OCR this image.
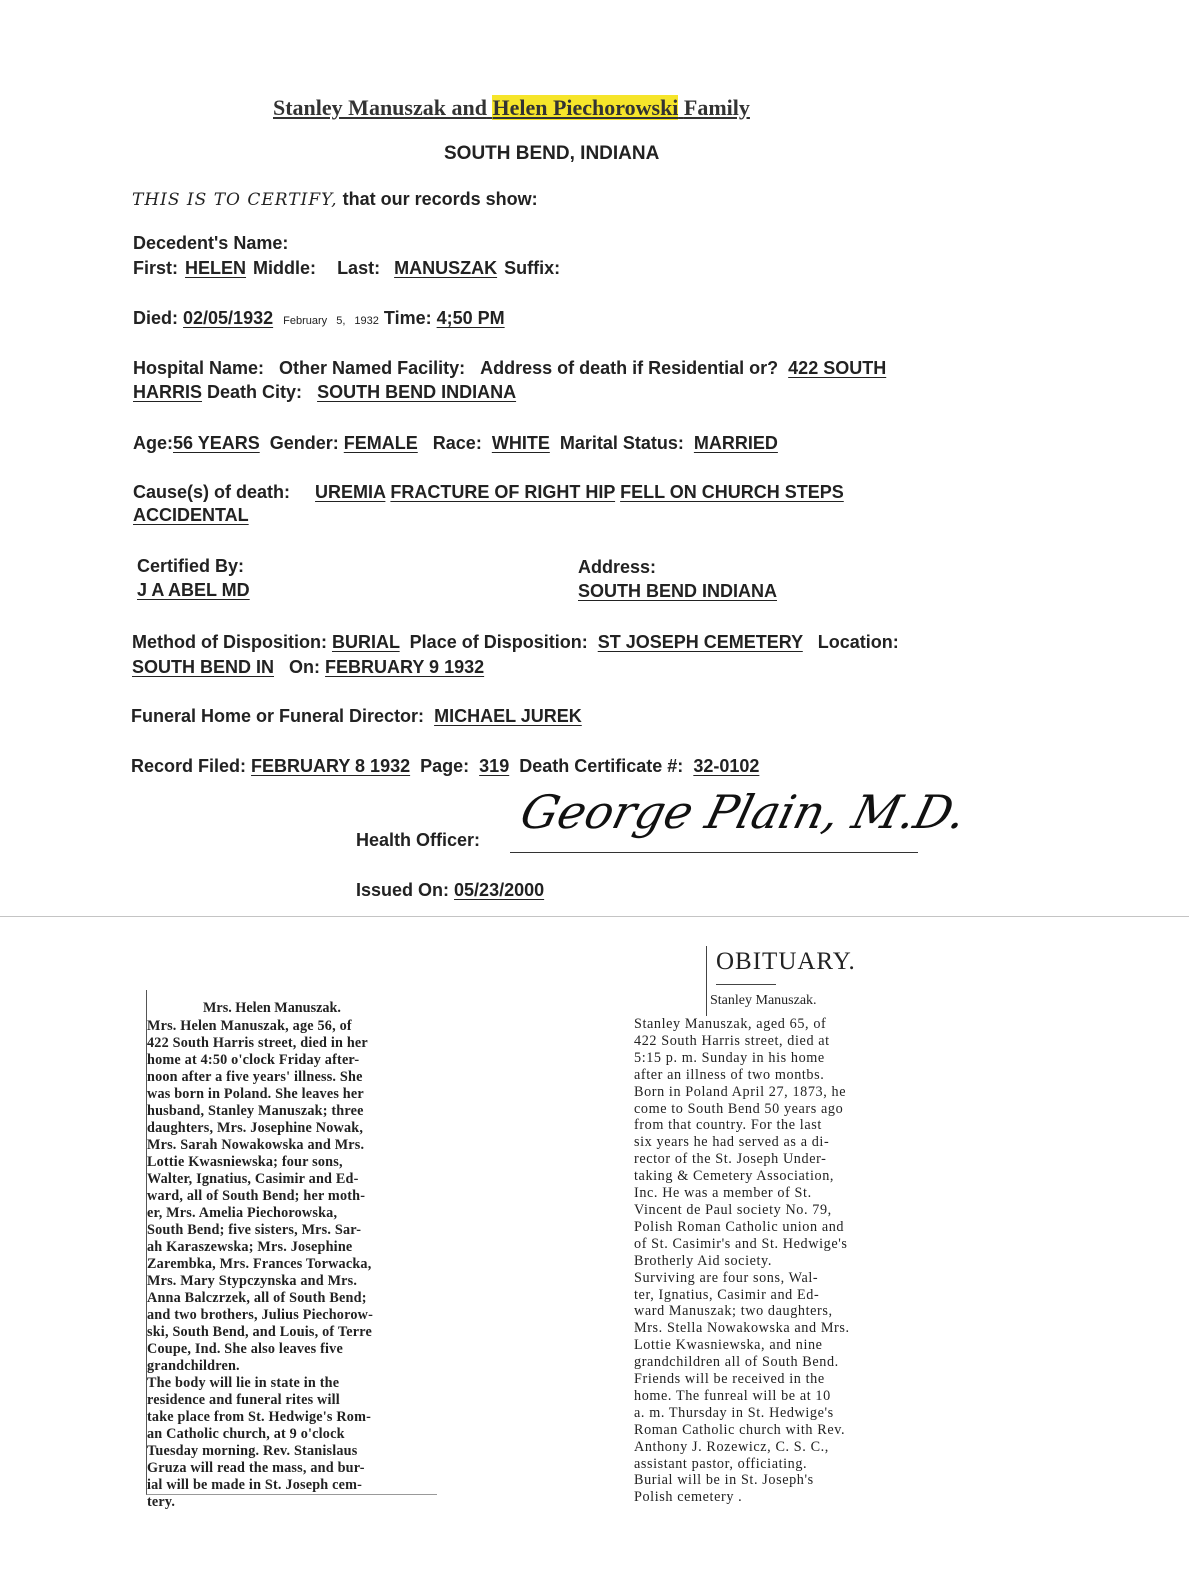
Stanley Manuszak and Helen Piechorowski Family
SOUTH BEND, INDIANA
THIS IS TO CERTIFY, that our records show:
Decedent's Name:
First: HELEN Middle: Last: MANUSZAK Suffix:
Died: 02/05/1932 February 5, 1932 Time: 4;50 PM
Hospital Name: Other Named Facility: Address of death if Residential or? 422 SOUTH
HARRIS Death City: SOUTH BEND INDIANA
Age:56 YEARS Gender: FEMALE Race: WHITE Marital Status: MARRIED
Cause(s) of death: UREMIA FRACTURE OF RIGHT HIP FELL ON CHURCH STEPS
ACCIDENTAL
Certified By:
J A ABEL MD
Address:
SOUTH BEND INDIANA
Method of Disposition: BURIAL Place of Disposition: ST JOSEPH CEMETERY Location:
SOUTH BEND IN On: FEBRUARY 9 1932
Funeral Home or Funeral Director: MICHAEL JUREK
Record Filed: FEBRUARY 8 1932 Page: 319 Death Certificate #: 32-0102
Health Officer:
George Plain, M.D.
Issued On: 05/23/2000
Mrs. Helen Manuszak.

Mrs. Helen Manuszak, age 56, of

422 South Harris street, died in her

home at 4:50 o'clock Friday after-

noon after a five years' illness. She

was born in Poland. She leaves her

husband, Stanley Manuszak; three

daughters, Mrs. Josephine Nowak,

Mrs. Sarah Nowakowska and Mrs.

Lottie Kwasniewska; four sons,

Walter, Ignatius, Casimir and Ed-

ward, all of South Bend; her moth-

er, Mrs. Amelia Piechorowska,

South Bend; five sisters, Mrs. Sar-

ah Karaszewska; Mrs. Josephine

Zarembka, Mrs. Frances Torwacka,

Mrs. Mary Stypczynska and Mrs.

Anna Balczrzek, all of South Bend;

and two brothers, Julius Piechorow-

ski, South Bend, and Louis, of Terre

Coupe, Ind. She also leaves five

grandchildren.

The body will lie in state in the

residence and funeral rites will

take place from St. Hedwige's Rom-

an Catholic church, at 9 o'clock

Tuesday morning. Rev. Stanislaus

Gruza will read the mass, and bur-

ial will be made in St. Joseph cem-

tery.

OBITUARY.
Stanley Manuszak.

Stanley Manuszak, aged 65, of

422 South Harris street, died at

5:15 p. m. Sunday in his home

after an illness of two montbs.

Born in Poland April 27, 1873, he

come to South Bend 50 years ago

from that country. For the last

six years he had served as a di-

rector of the St. Joseph Under-

taking & Cemetery Association,

Inc. He was a member of St.

Vincent de Paul society No. 79,

Polish Roman Catholic union and

of St. Casimir's and St. Hedwige's

Brotherly Aid society.

Surviving are four sons, Wal-

ter, Ignatius, Casimir and Ed-

ward Manuszak; two daughters,

Mrs. Stella Nowakowska and Mrs.

Lottie Kwasniewska, and nine

grandchildren all of South Bend.

Friends will be received in the

home. The funreal will be at 10

a. m. Thursday in St. Hedwige's

Roman Catholic church with Rev.

Anthony J. Rozewicz, C. S. C.,

assistant pastor, officiating.

Burial will be in St. Joseph's

Polish cemetery .
